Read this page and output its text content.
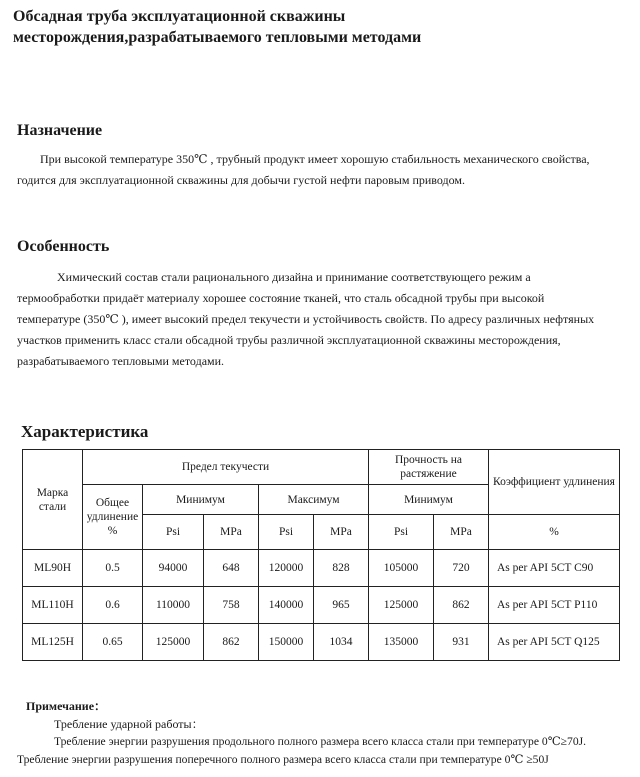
Обсадная труба эксплуатационной скважины
месторождения,разрабатываемого тепловыми методами
Назначение
При высокой температуре 350℃ , трубный продукт имеет хорошую стабильность механического свойства,
годится для эксплуатационной скважины для добычи густой нефти паровым приводом.
Особенность
Химический состав стали рационального дизайна и принимание соответствующего режим а
термообработки придаёт материалу хорошее состояние тканей, что сталь обсадной трубы при высокой
температуре (350℃ ), имеет высокий предел текучести и устойчивость свойств. По адресу различных нефтяных
участков применить класс стали обсадной трубы различной эксплуатационной скважины месторождения,
разрабатываемого тепловыми методами.
Характеристика
Марка стали	Предел текучести					Прочность на растяжение		Коэффициент удлинения
	Общее удлинение %	Минимум		Максимум		Минимум		
		Psi	MPa	Psi	MPa	Psi	MPa	%
ML90H	0.5	94000	648	120000	828	105000	720	As per API 5CT C90
ML110H	0.6	110000	758	140000	965	125000	862	As per API 5CT P110
ML125H	0.65	125000	862	150000	1034	135000	931	As per API 5CT Q125
Примечание：
Требление ударной работы：
Требление энергии разрушения продольного полного размера всего класса стали при температуре 0℃≥70J.
Требление энергии разрушения поперечного полного размера всего класса стали при температуре 0℃ ≥50J
